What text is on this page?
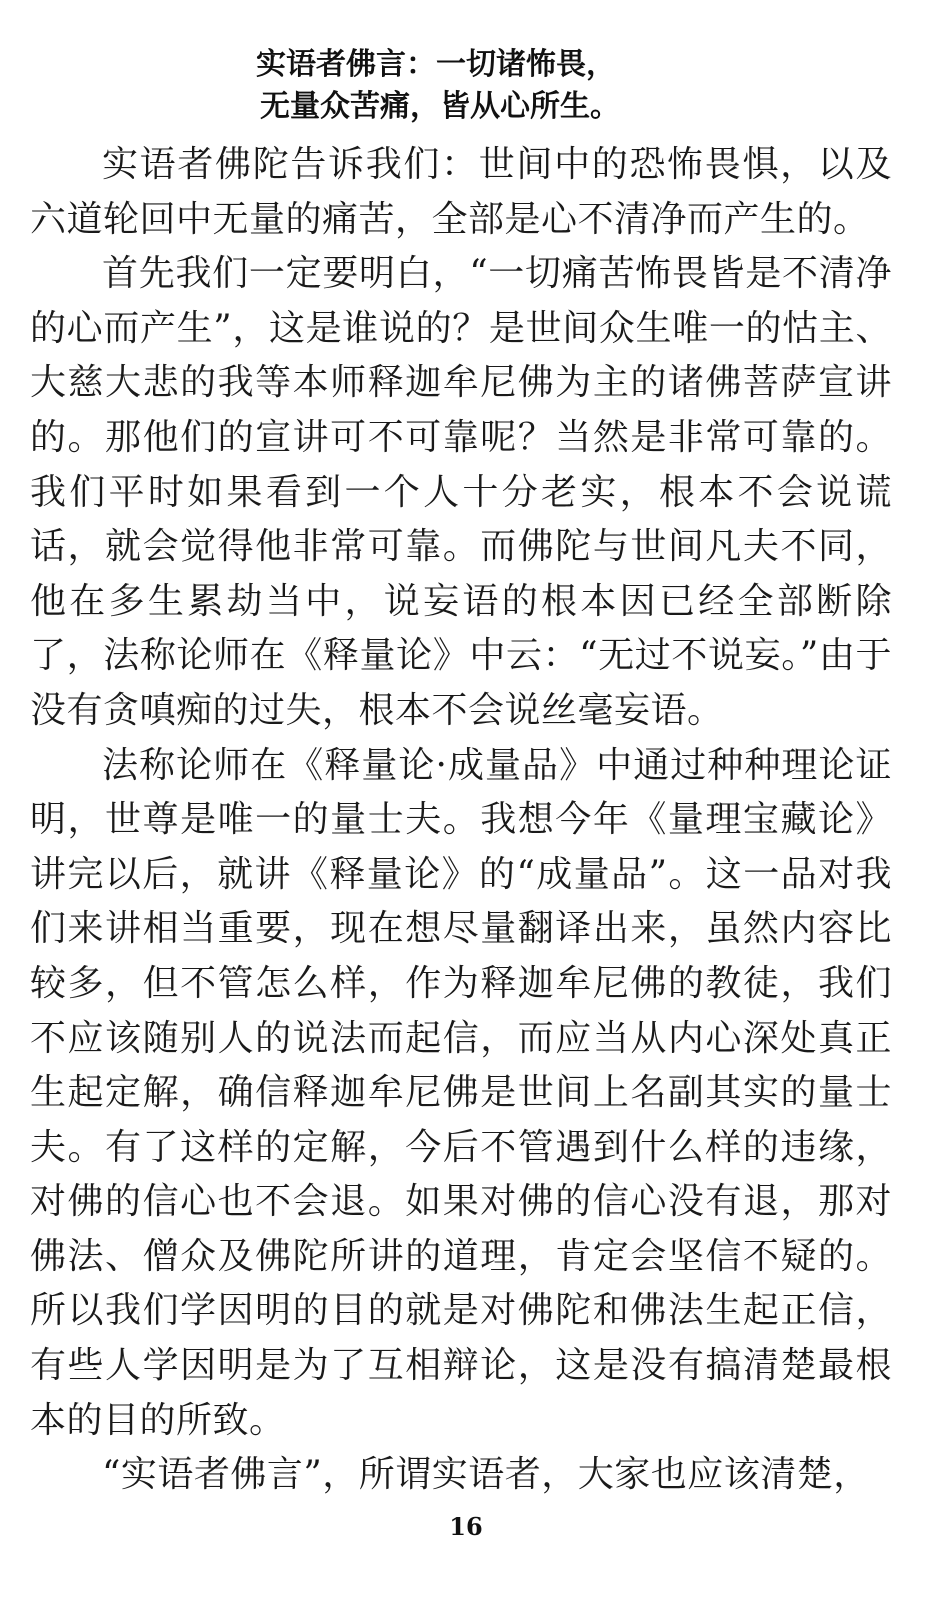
实语者佛言：一切诸怖畏，
无量众苦痛，皆从心所生。

实语者佛陀告诉我们：世间中的恐怖畏惧，以及六道轮回中无量的痛苦，全部是心不清净而产生的。

首先我们一定要明白，“一切痛苦怖畏皆是不清净的心而产生”，这是谁说的？是世间众生唯一的怙主、大慈大悲的我等本师释迦牟尼佛为主的诸佛菩萨宣讲的。那他们的宣讲可不可靠呢？当然是非常可靠的。我们平时如果看到一个人十分老实，根本不会说谎话，就会觉得他非常可靠。而佛陀与世间凡夫不同，他在多生累劫当中，说妄语的根本因已经全部断除了，法称论师在《释量论》中云：“无过不说妄。”由于没有贪嗔痴的过失，根本不会说丝毫妄语。

法称论师在《释量论·成量品》中通过种种理论证明，世尊是唯一的量士夫。我想今年《量理宝藏论》讲完以后，就讲《释量论》的“成量品”。这一品对我们来讲相当重要，现在想尽量翻译出来，虽然内容比较多，但不管怎么样，作为释迦牟尼佛的教徒，我们不应该随别人的说法而起信，而应当从内心深处真正生起定解，确信释迦牟尼佛是世间上名副其实的量士夫。有了这样的定解，今后不管遇到什么样的违缘，对佛的信心也不会退。如果对佛的信心没有退，那对佛法、僧众及佛陀所讲的道理，肯定会坚信不疑的。所以我们学因明的目的就是对佛陀和佛法生起正信，有些人学因明是为了互相辩论，这是没有搞清楚最根本的目的所致。

“实语者佛言”，所谓实语者，大家也应该清楚，

16
